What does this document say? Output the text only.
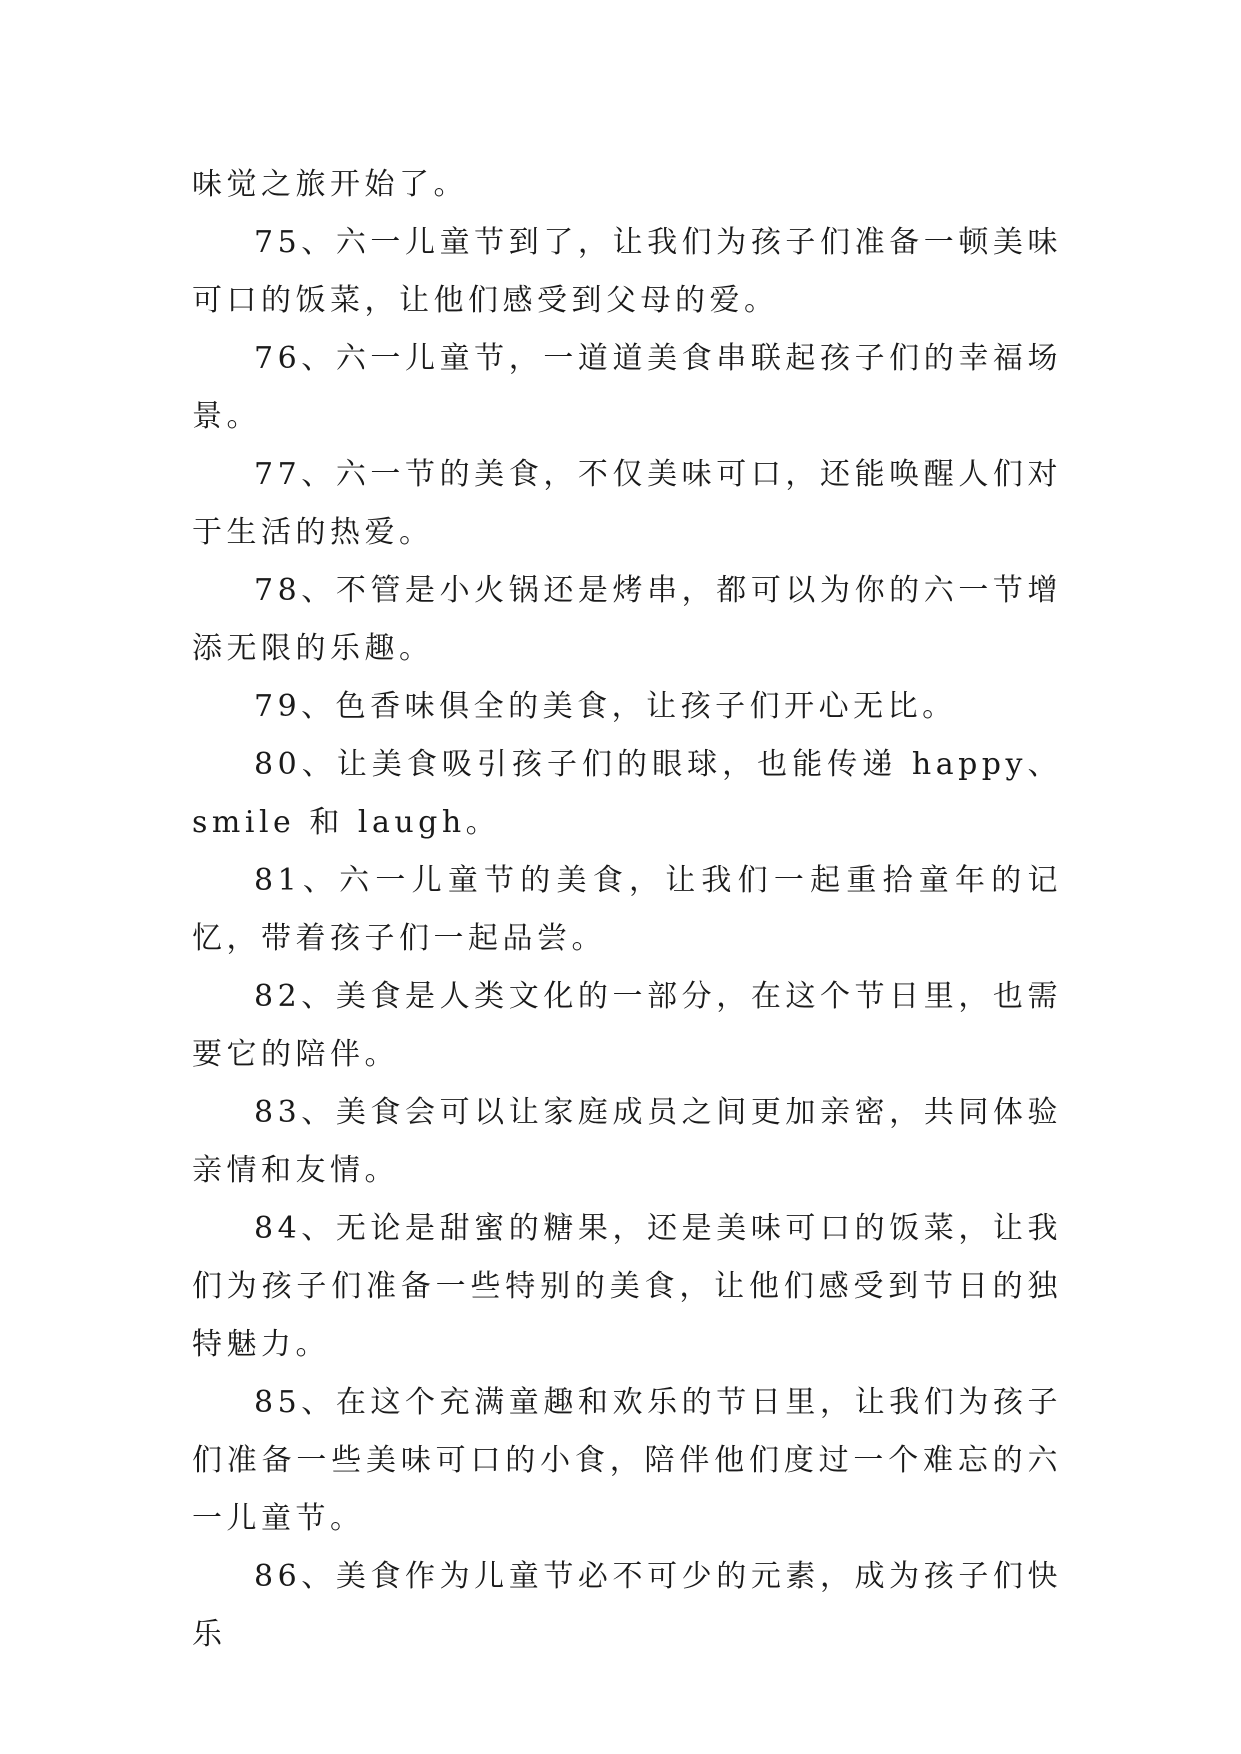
味觉之旅开始了。

75、六一儿童节到了，让我们为孩子们准备一顿美味可口的饭菜，让他们感受到父母的爱。

76、六一儿童节，一道道美食串联起孩子们的幸福场景。

77、六一节的美食，不仅美味可口，还能唤醒人们对于生活的热爱。

78、不管是小火锅还是烤串，都可以为你的六一节增添无限的乐趣。

79、色香味俱全的美食，让孩子们开心无比。

80、让美食吸引孩子们的眼球，也能传递 happy、smile 和 laugh。

81、六一儿童节的美食，让我们一起重拾童年的记忆，带着孩子们一起品尝。

82、美食是人类文化的一部分，在这个节日里，也需要它的陪伴。

83、美食会可以让家庭成员之间更加亲密，共同体验亲情和友情。

84、无论是甜蜜的糖果，还是美味可口的饭菜，让我们为孩子们准备一些特别的美食，让他们感受到节日的独特魅力。

85、在这个充满童趣和欢乐的节日里，让我们为孩子们准备一些美味可口的小食，陪伴他们度过一个难忘的六一儿童节。

86、美食作为儿童节必不可少的元素，成为孩子们快乐
